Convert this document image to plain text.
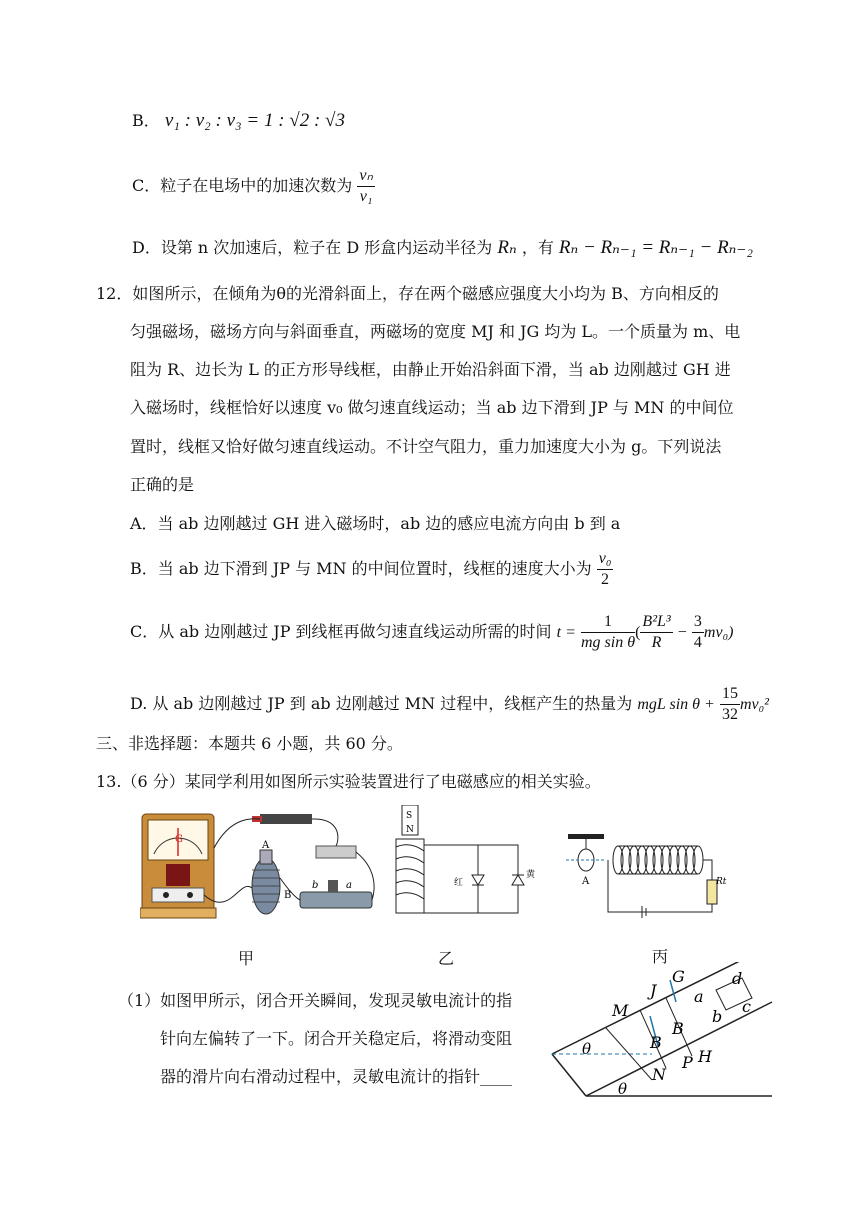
B． v₁ : v₂ : v₃ = 1 : √2 : √3
C．粒子在电场中的加速次数为 $\frac{\text{vₙ}}{\text{v₁}}$
D．设第 n 次加速后，粒子在 D 形盒内运动半径为 Rₙ ，有 Rₙ − Rₙ₋₁ = Rₙ₋₁ − Rₙ₋₂
12．如图所示，在倾角为θ的光滑斜面上，存在两个磁感应强度大小均为 B、方向相反的
匀强磁场，磁场方向与斜面垂直，两磁场的宽度 MJ 和 JG 均为 L。一个质量为 m、电
阻为 R、边长为 L 的正方形导线框，由静止开始沿斜面下滑，当 ab 边刚越过 GH 进
入磁场时，线框恰好以速度 v₀ 做匀速直线运动；当 ab 边下滑到 JP 与 MN 的中间位
置时，线框又恰好做匀速直线运动。不计空气阻力，重力加速度大小为 g。下列说法
正确的是
A．当 ab 边刚越过 GH 进入磁场时，ab 边的感应电流方向由 b 到 a
B．当 ab 边下滑到 JP 与 MN 的中间位置时，线框的速度大小为 $\frac{\text{v₀}}{2}$
C．从 ab 边刚越过 JP 到线框再做匀速直线运动所需的时间 $t = \frac{1}{\text{mg sin θ}}$ ( $\frac{\text{B²L³}}{R} - \frac{3}{4} mv_0$)
D. 从 ab 边刚越过 JP 到 ab 边刚越过 MN 过程中，线框产生的热量为 mgL $\sin \theta + \frac{15}{32} mv_0^2$
三、非选择题：本题共 6 小题，共 60 分。
13.（6 分）某同学利用如图所示实验装置进行了电磁感应的相关实验。
G
A
B
b	a
甲
S
N
红
黄
乙
A	Rt
丙
（1）如图甲所示，闭合开关瞬间，发现灵敏电流计的指
针向左偏转了一下。闭合开关稳定后，将滑动变阻
器的滑片向右滑动过程中，灵敏电流计的指针____
G
J
M
B
B
N
P H
a
d
b
c
θ
θ
